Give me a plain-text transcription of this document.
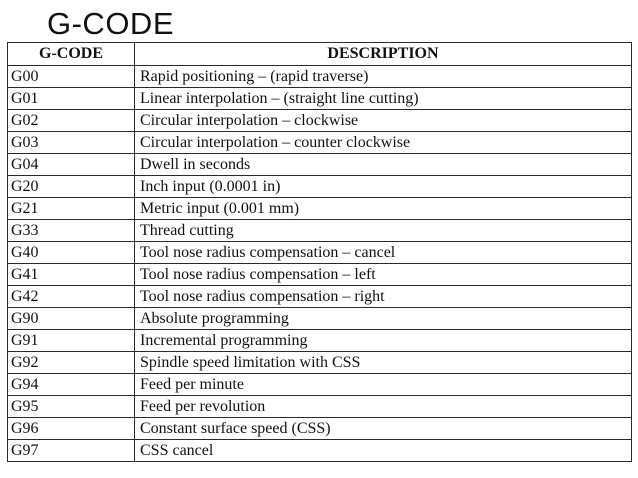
G-CODE
G-CODE	DESCRIPTION
G00	Rapid positioning – (rapid traverse)
G01	Linear interpolation – (straight line cutting)
G02	Circular interpolation – clockwise
G03	Circular interpolation – counter clockwise
G04	Dwell in seconds
G20	Inch input (0.0001 in)
G21	Metric input (0.001 mm)
G33	Thread cutting
G40	Tool nose radius compensation – cancel
G41	Tool nose radius compensation – left
G42	Tool nose radius compensation – right
G90	Absolute programming
G91	Incremental programming
G92	Spindle speed limitation with CSS
G94	Feed per minute
G95	Feed per revolution
G96	Constant surface speed (CSS)
G97	CSS cancel
